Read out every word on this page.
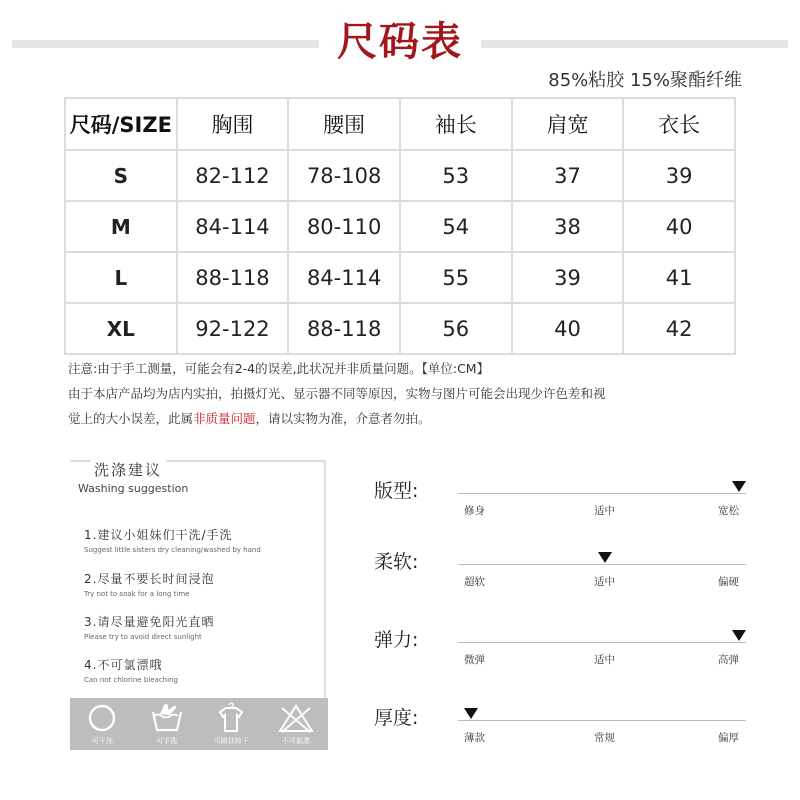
尺码表
85%粘胶 15%聚酯纤维
尺码/SIZE	胸围	腰围	袖长	肩宽	衣长
S	82-112	78-108	53	37	39
M	84-114	80-110	54	38	40
L	88-118	84-114	55	39	41
XL	92-122	88-118	56	40	42
注意:由于手工测量，可能会有2-4的误差,此状况并非质量问题。【单位:CM】
由于本店产品均为店内实拍，拍摄灯光、显示器不同等原因，实物与图片可能会出现少许色差和视
觉上的大小误差，此属非质量问题，请以实物为准，介意者勿拍。
洗涤建议
Washing suggestion
1.建议小姐妹们干洗/手洗
Suggest little sisters dry cleaning/washed by hand
2.尽量不要长时间浸泡
Try not to soak for a long time
3.请尽量避免阳光直晒
Please try to avoid direct sunlight
4.不可氯漂哦
Can not chlorine bleaching
可干洗	可手洗	可晾挂晾干	不可氯漂
版型:
修身	适中	宽松
柔软:
超软	适中	偏硬
弹力:
微弹	适中	高弹
厚度:
薄款	常规	偏厚
